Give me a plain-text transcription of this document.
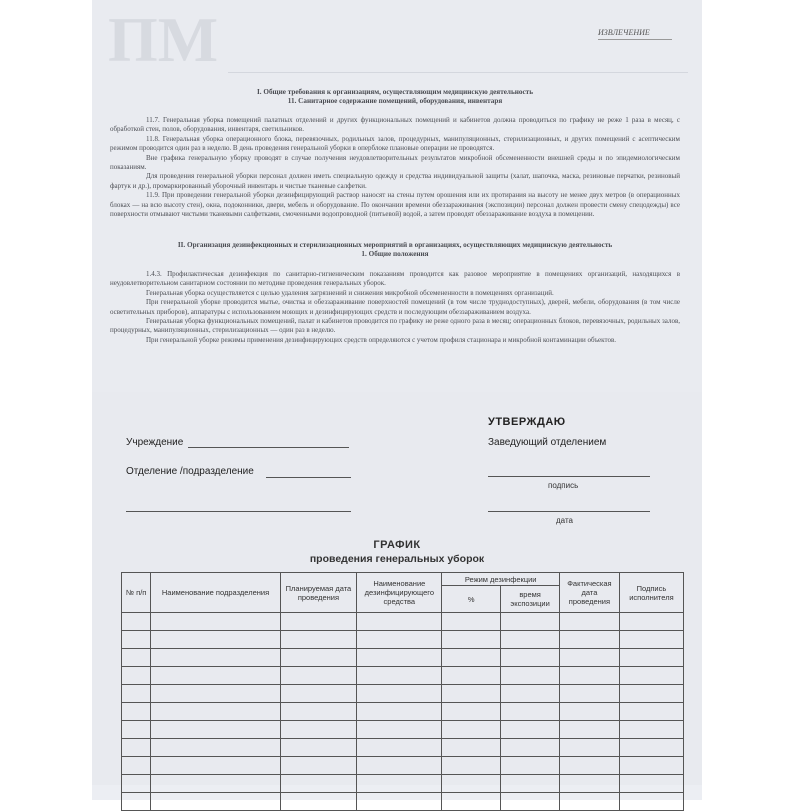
ПМ	ИЗВЛЕЧЕНИЕ
I. Общие требования к организациям, осуществляющим медицинскую деятельность
11. Санитарное содержание помещений, оборудования, инвентаря
11.7. Генеральная уборка помещений палатных отделений и других функциональных помещений и кабинетов должна проводиться по графику не реже 1 раза в месяц, с обработкой стен, полов, оборудования, инвентаря, светильников.
11.8. Генеральная уборка операционного блока, перевязочных, родильных залов, процедурных, манипуляционных, стерилизационных, и других помещений с асептическим режимом проводится один раз в неделю. В день проведения генеральной уборки в оперблоке плановые операции не проводятся.
Вне графика генеральную уборку проводят в случае получения неудовлетворительных результатов микробной обсемененности внешней среды и по эпидемиологическим показаниям.
Для проведения генеральной уборки персонал должен иметь специальную одежду и средства индивидуальной защиты (халат, шапочка, маска, резиновые перчатки, резиновый фартук и др.), промаркированный уборочный инвентарь и чистые тканевые салфетки.
11.9. При проведении генеральной уборки дезинфицирующий раствор наносят на стены путем орошения или их протирания на высоту не менее двух метров (в операционных блоках — на всю высоту стен), окна, подоконники, двери, мебель и оборудование. По окончании времени обеззараживания (экспозиции) персонал должен провести смену спецодежды) все поверхности отмывают чистыми тканевыми салфетками, смоченными водопроводной (питьевой) водой, а затем проводят обеззараживание воздуха в помещении.
II. Организация дезинфекционных и стерилизационных мероприятий в организациях, осуществляющих медицинскую деятельность
1. Общие положения
1.4.3. Профилактическая дезинфекция по санитарно-гигиеническим показаниям проводится как разовое мероприятие в помещениях организаций, находящихся в неудовлетворительном санитарном состоянии по методике проведения генеральных уборок.
Генеральная уборка осуществляется с целью удаления загрязнений и снижения микробной обсемененности в помещениях организаций.
При генеральной уборке проводится мытье, очистка и обеззараживание поверхностей помещений (в том числе труднодоступных), дверей, мебели, оборудования (в том числе осветительных приборов), аппаратуры с использованием моющих и дезинфицирующих средств и последующим обеззараживанием воздуха.
Генеральная уборка функциональных помещений, палат и кабинетов проводится по графику не реже одного раза в месяц; операционных блоков, перевязочных, родильных залов, процедурных, манипуляционных, стерилизационных — один раз в неделю.
При генеральной уборке режимы применения дезинфицирующих средств определяются с учетом профиля стационара и микробной контаминации объектов.
Учреждение
Отделение /подразделение
УТВЕРЖДАЮ
Заведующий отделением
подпись
дата
ГРАФИК
проведения генеральных уборок
№ п/п	Наименование подразделения	Планируемая дата проведения	Наименование дезинфицирующего средства	Режим дезинфекции		Фактическая дата проведения	Подпись исполнителя
				%	время экспозиции		
